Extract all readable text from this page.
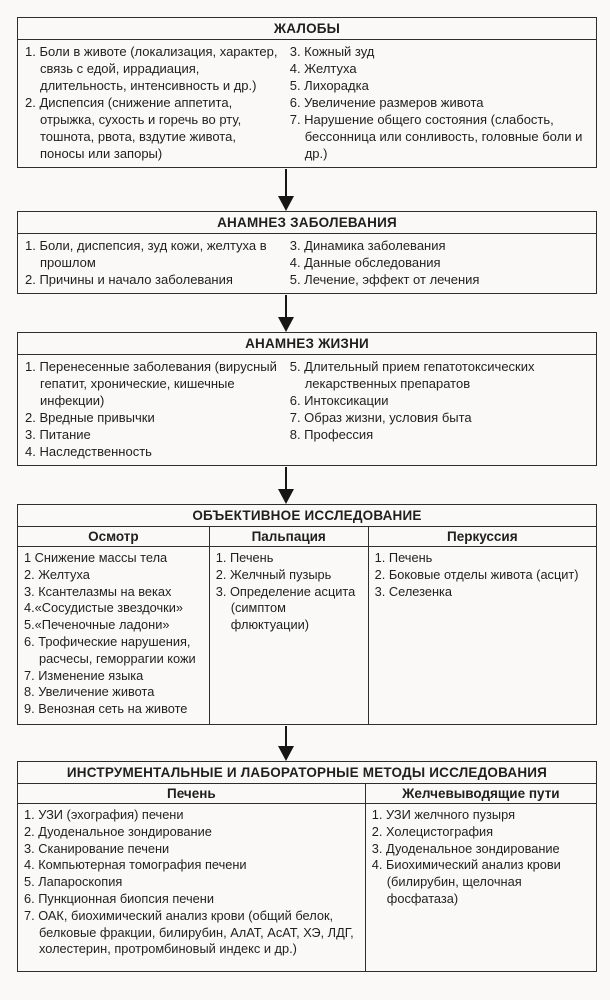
ЖАЛОБЫ
1. Боли в животе (локализация, характер, связь с едой, иррадиация, длительность, интенсивность и др.)
2. Диспепсия (снижение аппетита, отрыжка, сухость и горечь во рту, тошнота, рвота, вздутие живота, поносы или запоры)
3. Кожный зуд
4. Желтуха
5. Лихорадка
6. Увеличение размеров живота
7. Нарушение общего состояния (слабость, бессонница или сонливость, головные боли и др.)
АНАМНЕЗ ЗАБОЛЕВАНИЯ
1. Боли, диспепсия, зуд кожи, желтуха в прошлом
2. Причины и начало заболевания
3. Динамика заболевания
4. Данные обследования
5. Лечение, эффект от лечения
АНАМНЕЗ ЖИЗНИ
1. Перенесенные заболевания (вирусный гепатит, хронические, кишечные инфекции)
2. Вредные привычки
3. Питание
4. Наследственность
5. Длительный прием гепатотоксических лекарственных препаратов
6. Интоксикации
7. Образ жизни, условия быта
8. Профессия
ОБЪЕКТИВНОЕ ИССЛЕДОВАНИЕ
Осмотр
1 Снижение массы тела
2. Желтуха
3. Ксантелазмы на веках
4.«Сосудистые звездочки»
5.«Печеночные ладони»
6. Трофические нарушения, расчесы, геморрагии кожи
7. Изменение языка
8. Увеличение живота
9. Венозная сеть на животе
Пальпация
1. Печень
2. Желчный пузырь
3. Определение асцита (симптом флюктуации)
Перкуссия
1. Печень
2. Боковые отделы живота (асцит)
3. Селезенка
ИНСТРУМЕНТАЛЬНЫЕ И ЛАБОРАТОРНЫЕ МЕТОДЫ ИССЛЕДОВАНИЯ
Печень
1. УЗИ (эхография) печени
2. Дуоденальное зондирование
3. Сканирование печени
4. Компьютерная томография печени
5. Лапароскопия
6. Пункционная биопсия печени
7. ОАК, биохимический анализ крови (общий белок, белковые фракции, билирубин, АлАТ, АсАТ, ХЭ, ЛДГ, холестерин, протромбиновый индекс и др.)
Желчевыводящие пути
1. УЗИ желчного пузыря
2. Холецистография
3. Дуоденальное зондирование
4. Биохимический анализ крови (билирубин, щелочная фосфатаза)
